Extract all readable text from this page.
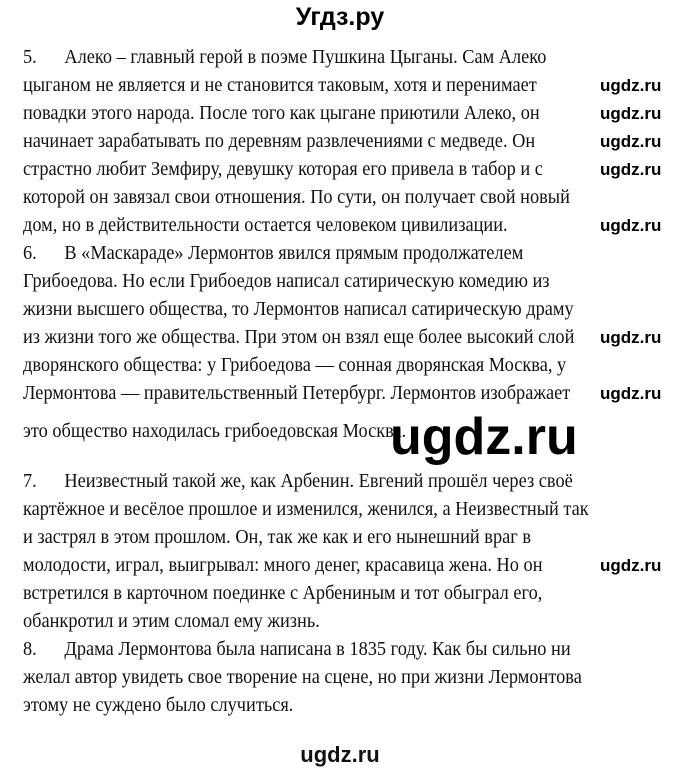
Угдз.ру
5. Алеко – главный герой в поэме Пушкина Цыганы. Сам Алеко
цыганом не является и не становится таковым, хотя и перенимает
повадки этого народа. После того как цыгане приютили Алеко, он
начинает зарабатывать по деревням развлечениями с медведе. Он
страстно любит Земфиру, девушку которая его привела в табор и с
которой он завязал свои отношения. По сути, он получает свой новый
дом, но в действительности остается человеком цивилизации.
6. В «Маскараде» Лермонтов явился прямым продолжателем
Грибоедова. Но если Грибоедов написал сатирическую комедию из
жизни высшего общества, то Лермонтов написал сатирическую драму
из жизни того же общества. При этом он взял еще более высокий слой
дворянского общества: у Грибоедова — сонная дворянская Москва, у
Лермонтова — правительственный Петербург. Лермонтов изображает
это общество находилась грибоедовская Москва.
7. Неизвестный такой же, как Арбенин. Евгений прошёл через своё
картёжное и весёлое прошлое и изменился, женился, а Неизвестный так
и застрял в этом прошлом. Он, так же как и его нынешний враг в
молодости, играл, выигрывал: много денег, красавица жена. Но он
встретился в карточном поединке с Арбениным и тот обыграл его,
обанкротил и этим сломал ему жизнь.
8. Драма Лермонтова была написана в 1835 году. Как бы сильно ни
желал автор увидеть свое творение на сцене, но при жизни Лермонтова
этому не суждено было случиться.
ugdz.ru
ugdz.ru
ugdz.ru
ugdz.ru
ugdz.ru
ugdz.ru
ugdz.ru
ugdz.ru
ugdz.ru
ugdz.ru
